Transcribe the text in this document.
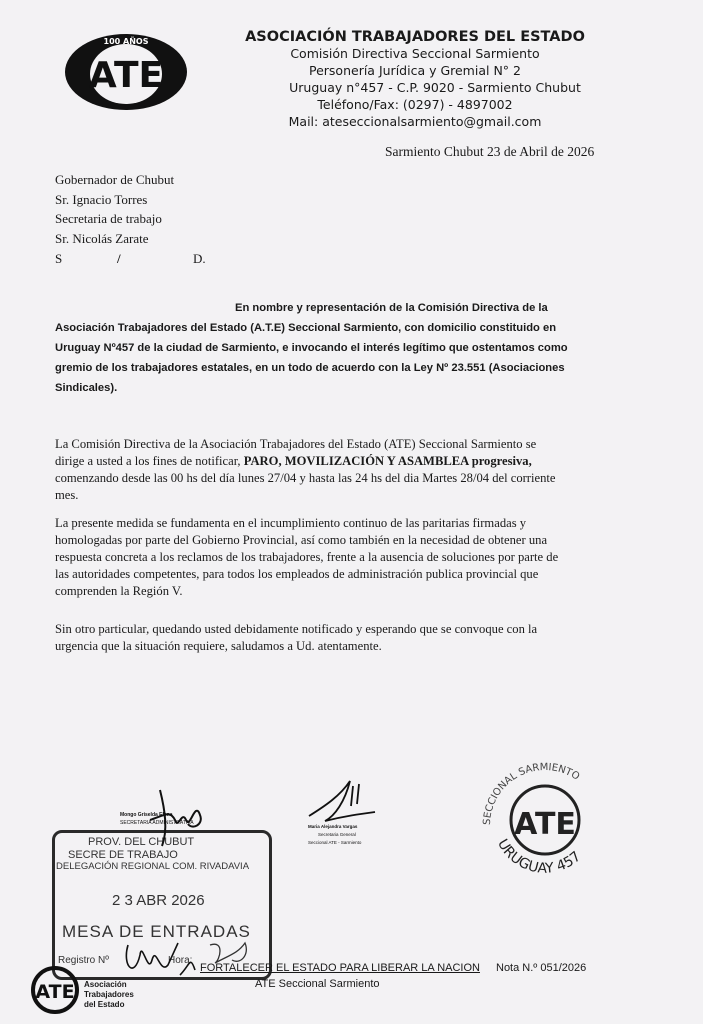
ATE
100 AÑOS	ASOCIACIÓN TRABAJADORES DEL ESTADO
Comisión Directiva Seccional Sarmiento
Personería Jurídica y Gremial N° 2
Uruguay n°457 - C.P. 9020 - Sarmiento Chubut
Teléfono/Fax: (0297) - 4897002
Mail: ateseccionalsarmiento@gmail.com
Sarmiento Chubut 23 de Abril de 2026
Gobernador de Chubut
Sr. Ignacio Torres
Secretaria de trabajo
Sr. Nicolás Zarate
S	/	D.
En nombre y representación de la Comisión Directiva de la
Asociación Trabajadores del Estado (A.T.E) Seccional Sarmiento, con domicilio constituido en
Uruguay Nº457 de la ciudad de Sarmiento, e invocando el interés legítimo que ostentamos como
gremio de los trabajadores estatales, en un todo de acuerdo con la Ley Nº 23.551 (Asociaciones
Sindicales).
La Comisión Directiva de la Asociación Trabajadores del Estado (ATE) Seccional Sarmiento se
dirige a usted a los fines de notificar, PARO, MOVILIZACIÓN Y ASAMBLEA progresiva,
comenzando desde las 00 hs del día lunes 27/04 y hasta las 24 hs del dia Martes 28/04 del corriente
mes.
La presente medida se fundamenta en el incumplimiento continuo de las paritarias firmadas y
homologadas por parte del Gobierno Provincial, así como también en la necesidad de obtener una
respuesta concreta a los reclamos de los trabajadores, frente a la ausencia de soluciones por parte de
las autoridades competentes, para todos los empleados de administración publica provincial que
comprenden la Región V.
Sin otro particular, quedando usted debidamente notificado y esperando que se convoque con la
urgencia que la situación requiere, saludamos a Ud. atentamente.
PROV. DEL CHUBUT
SECRE DE TRABAJO
DELEGACIÓN REGIONAL COM. RIVADAVIA
2 3 ABR 2026
MESA DE ENTRADAS
Registro Nº	Hora:
Mongo Griselda Elena
SECRETARIA ADMINISTRATIVA
Maria Alejandra Vargas
Secretaria General
Seccional ATE - Sarmiento
ATE
SECCIONAL SARMIENTO
URUGUAY 457
FORTALECER EL ESTADO PARA LIBERAR LA NACION Nota N.º 051/2026
ATE Seccional Sarmiento
ATE Asociación
Trabajadores
del Estado
